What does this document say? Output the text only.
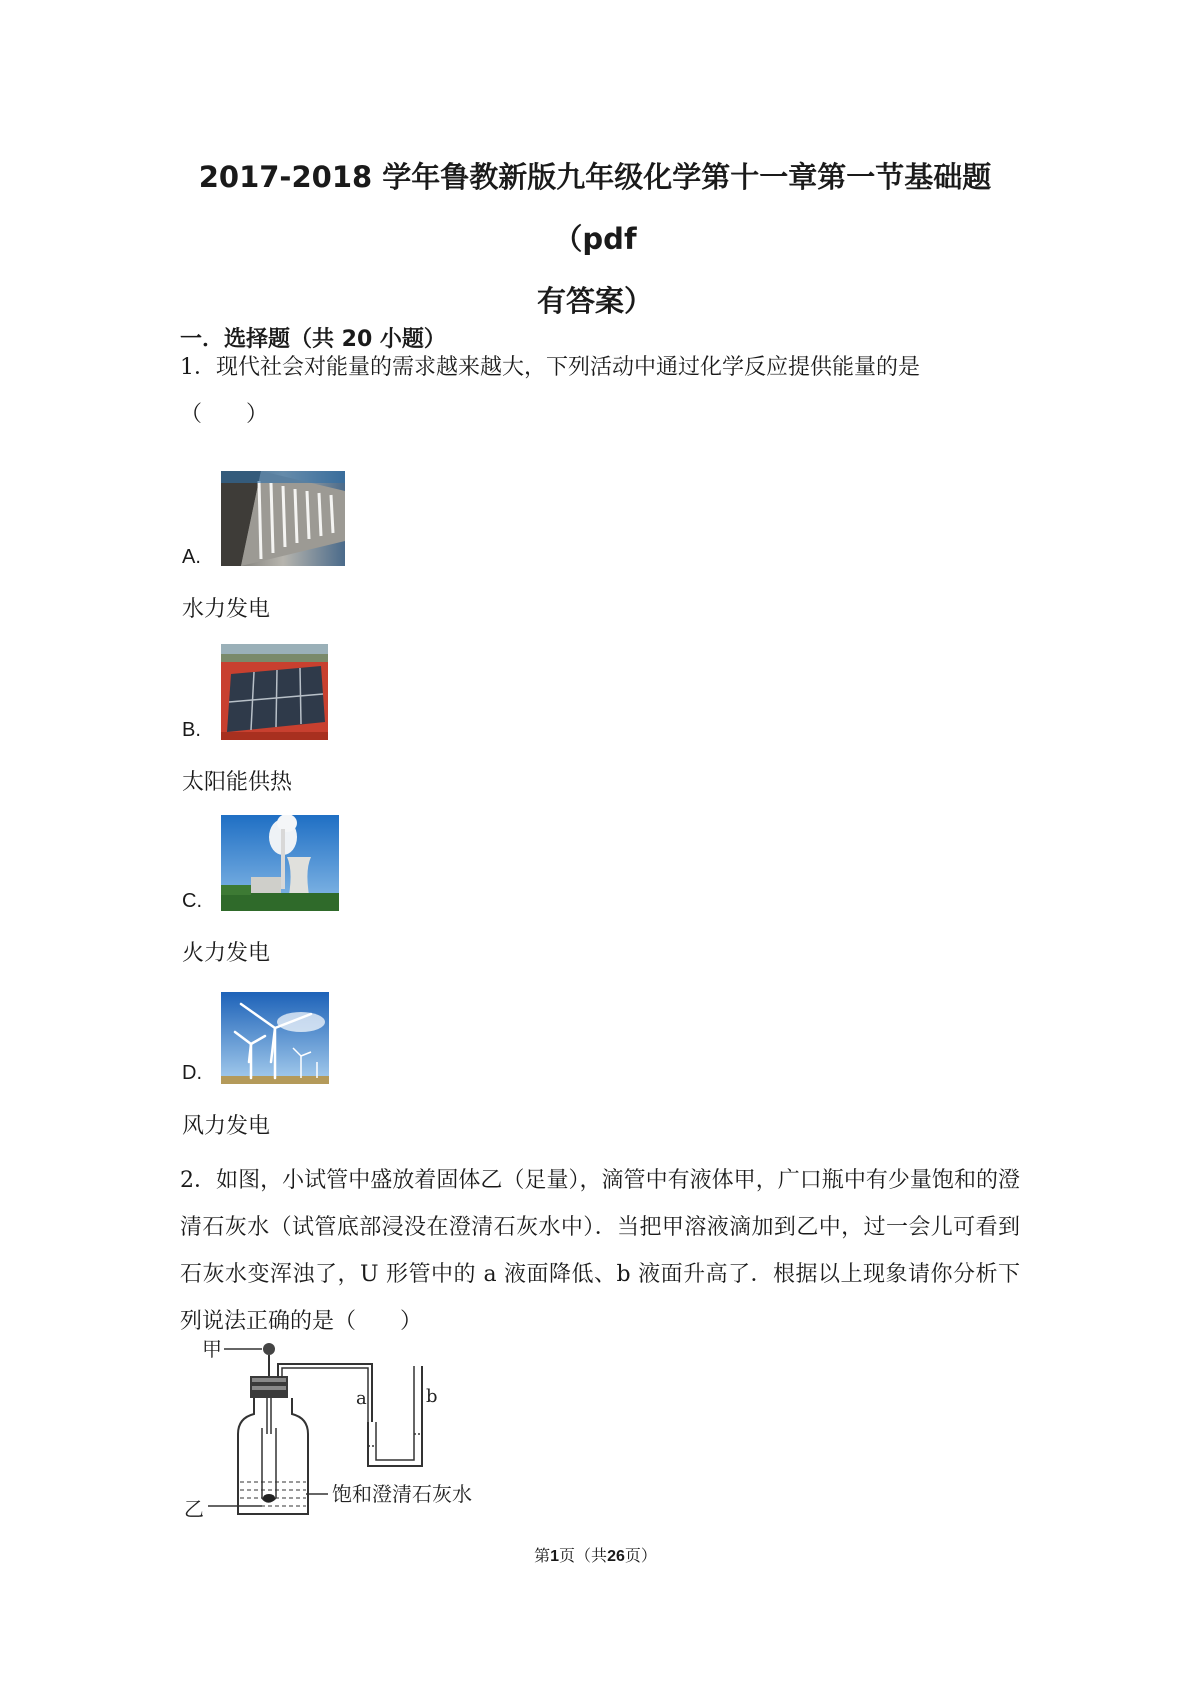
2017-2018 学年鲁教新版九年级化学第十一章第一节基础题（pdf
有答案）
一．选择题（共 20 小题）
1．现代社会对能量的需求越来越大，下列活动中通过化学反应提供能量的是
（　　）
A.
水力发电
B.
太阳能供热
C.
火力发电
D.
风力发电
2．如图，小试管中盛放着固体乙（足量），滴管中有液体甲，广口瓶中有少量饱和的澄清石灰水（试管底部浸没在澄清石灰水中）．当把甲溶液滴加到乙中，过一会儿可看到石灰水变浑浊了，U 形管中的 a 液面降低、b 液面升高了．根据以上现象请你分析下列说法正确的是（　　）
甲
a	b
乙
饱和澄清石灰水
第1页（共26页）
